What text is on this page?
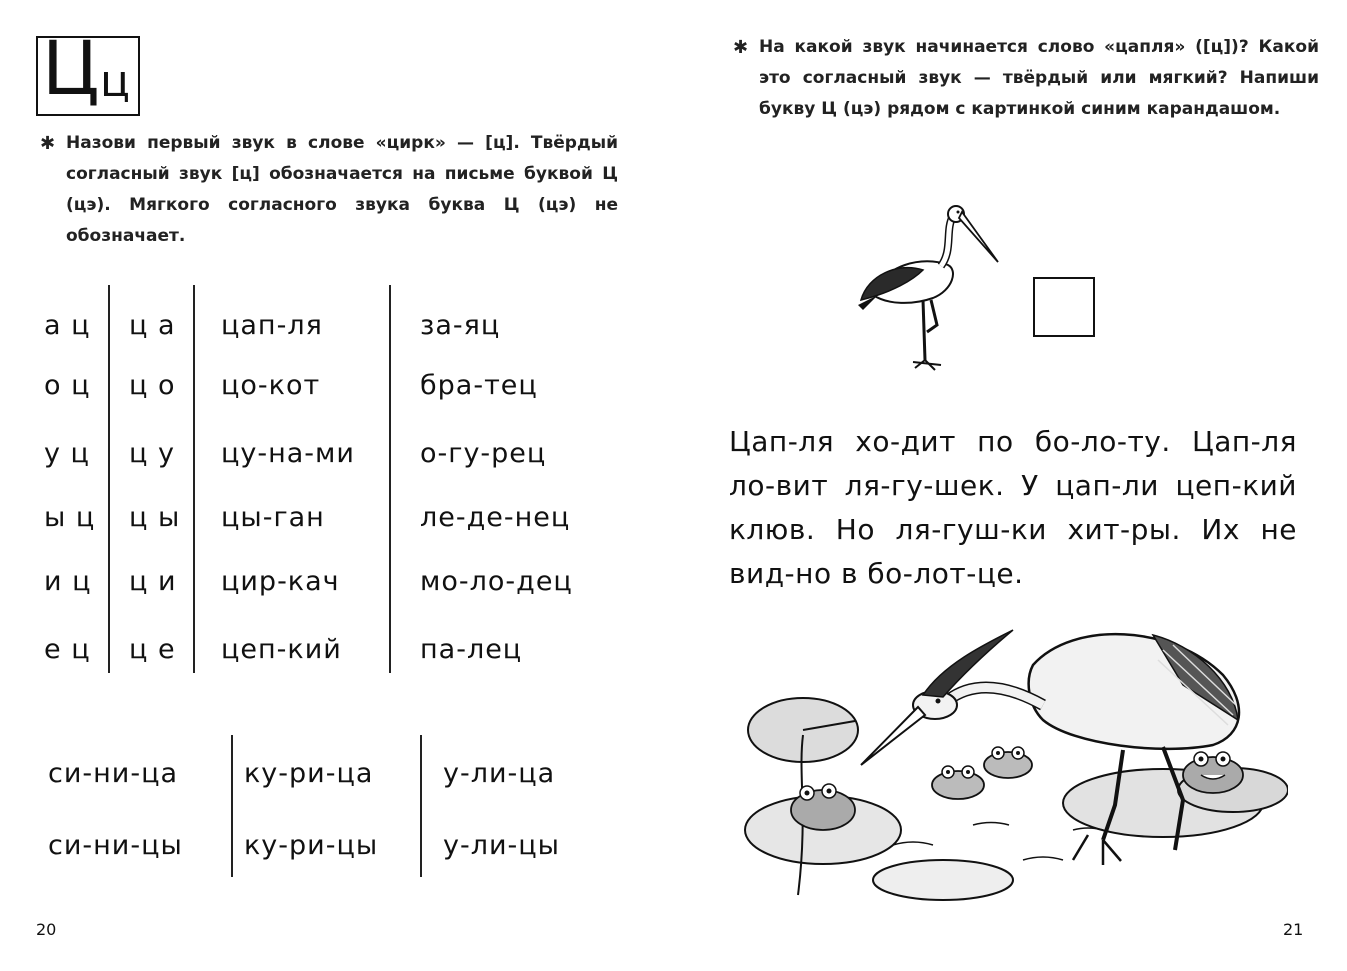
Ц ц
✱ Назови первый звук в слове «цирк» — [ц]. Твёрдый согласный звук [ц] обозначается на письме буквой Ц (цэ). Мягкого согласного звука буква Ц (цэ) не обозначает.
а ц
о ц
у ц
ы ц
и ц
е ц
ц а
ц о
ц у
ц ы
ц и
ц е
цап-ля
цо-кот
цу-на-ми
цы-ган
цир-кач
цеп-кий
за-яц
бра-тец
о-гу-рец
ле-де-нец
мо-ло-дец
па-лец
си-ни-ца ку-ри-ца	у-ли-ца
си-ни-цы ку-ри-цы у-ли-цы
20
✱ На какой звук начинается слово «цапля» ([ц])? Какой это согласный звук — твёрдый или мягкий? Напиши букву Ц (цэ) рядом с картинкой синим карандашом.
Цап-ля хо-дит по бо-ло-ту. Цап-ля ло-вит ля-гу-шек. У цап-ли цеп-кий клюв. Но ля-гуш-ки хит-ры. Их не вид-но в бо-лот-це.
21
